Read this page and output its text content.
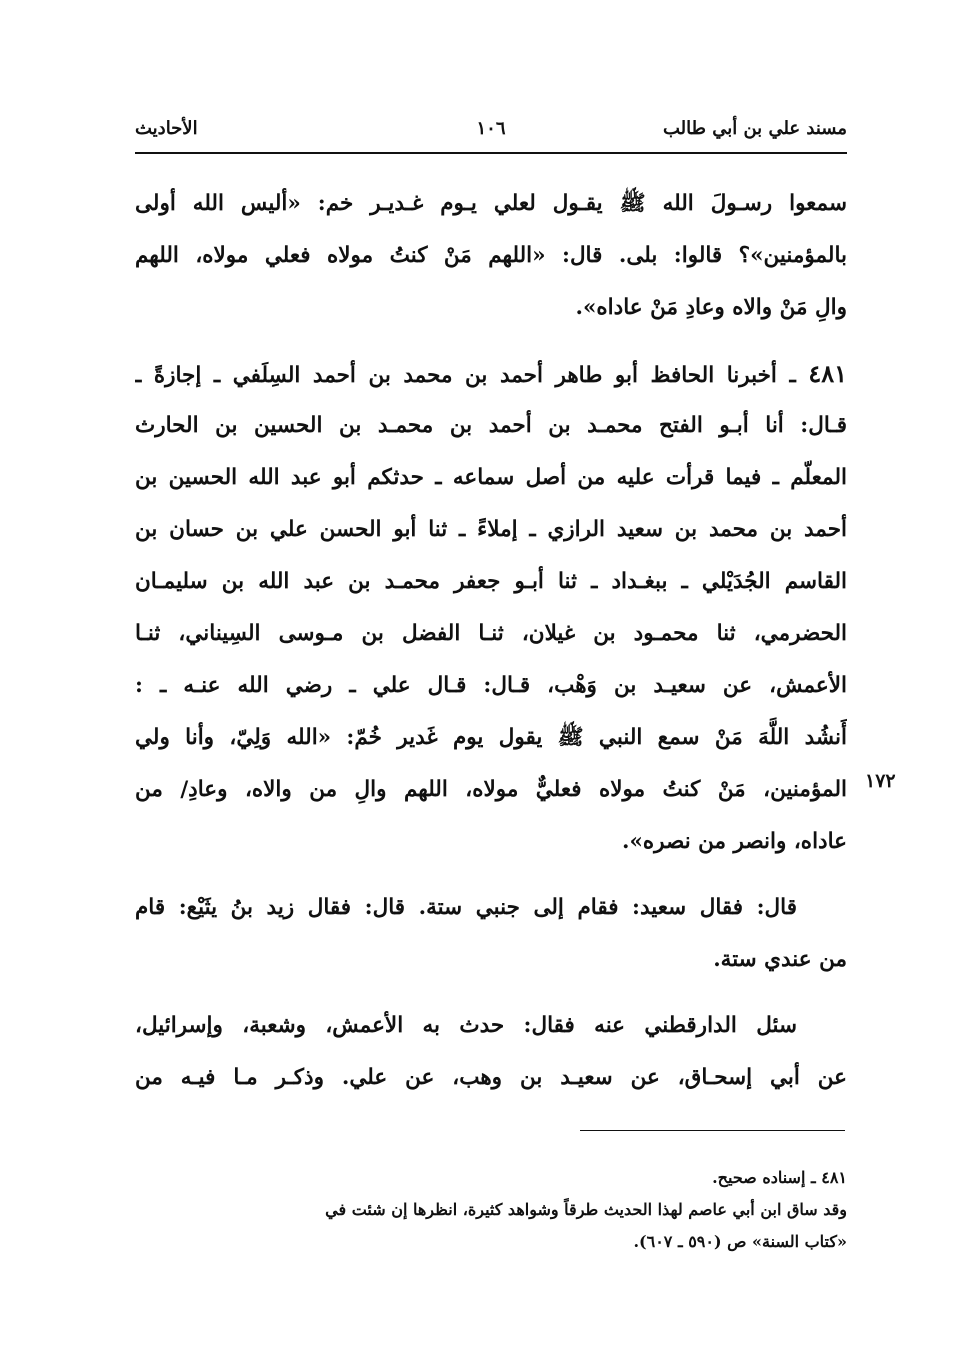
مسند علي بن أبي طالب
١٠٦
الأحاديث
سمعوا رسـولَ الله ﷺ يقـول لعلي يـوم غـديـر خم: «أليس الله أولى
بالمؤمنين»؟ قالوا: بلى. قال: «اللهم مَنْ كنتُ مولاه فعلي مولاه، اللهم
والِ مَنْ والاه وعادِ مَنْ عاداه».
٤٨١ ـ أخبرنا الحافظ أبو طاهر أحمد بن محمد بن أحمد السِلَفي ـ إجازةً ـ
قـال: أنا أبـو الفتح محمـد بن أحمد بن محمـد بن الحسين بن الحارث
المعلّم ـ فيما قرأت عليه من أصل سماعه ـ حدثكم أبو عبد الله الحسين بن
أحمد بن محمد بن سعيد الرازي ـ إملاءً ـ ثنا أبو الحسن علي بن حسان بن
القاسم الجُدَيْلي ـ ببغـداد ـ ثنا أبـو جعفر محمـد بن عبد الله بن سليمـان
الحضرمي، ثنا محمـود بن غيلان، ثنـا الفضل بن مـوسى السِيناني، ثنـا
الأعمش، عن سعيـد بن وَهْب، قـال: قـال علي ـ رضي الله عنـه ـ :
أَنشُد اللَّهَ مَنْ سمع النبي ﷺ يقول يوم غَدير خُمّ: «الله وَلِيّ، وأنا ولي
المؤمنين، مَنْ كنتُ مولاه فعليٌّ مولاه، اللهم والِ من والاه، وعادِ/ من
عاداه، وانصر من نصره».
قال: فقال سعيد: فقام إلى جنبي ستة. قال: فقال زيد بنُ يثَيْع: قام
من عندي ستة.
سئل الدارقطني عنه فقال: حدث به الأعمش، وشعبة، وإسرائيل،
عن أبي إسحـاق، عن سعيـد بن وهب، عن علي. وذكـر مـا فيـه من
١٧٢
٤٨١ ـ إسناده صحيح.
وقد ساق ابن أبي عاصم لهذا الحديث طرقاً وشواهد كثيرة، انظرها إن شئت في
«كتاب السنة» ص (٥٩٠ ـ ٦٠٧).
